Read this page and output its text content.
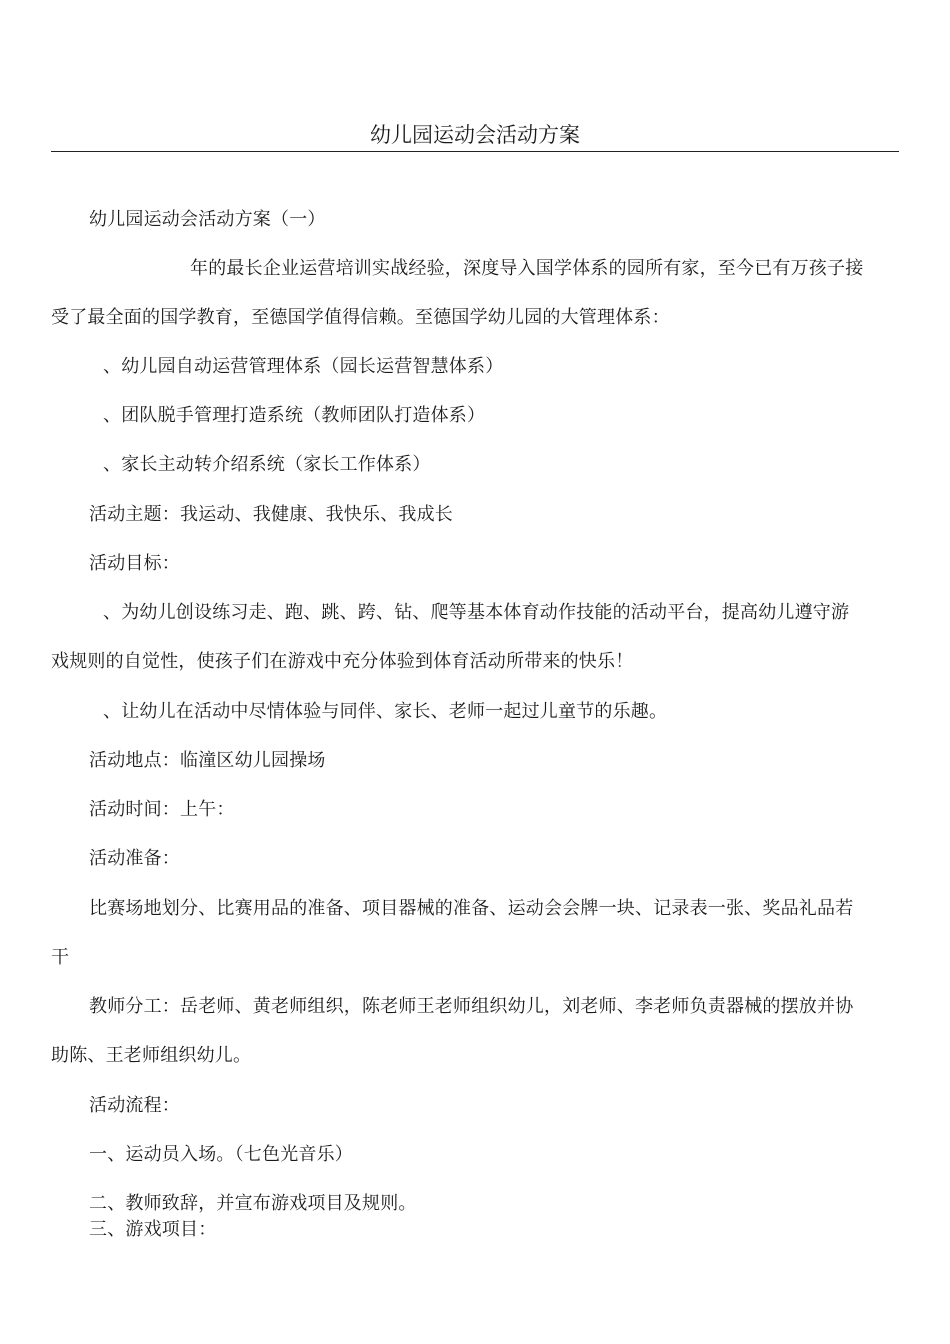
幼儿园运动会活动方案
幼儿园运动会活动方案（一）
年的最长企业运营培训实战经验，深度导入国学体系的园所有家，至今已有万孩子接
受了最全面的国学教育，至德国学值得信赖。至德国学幼儿园的大管理体系：
、幼儿园自动运营管理体系（园长运营智慧体系）
、团队脱手管理打造系统（教师团队打造体系）
、家长主动转介绍系统（家长工作体系）
活动主题：我运动、我健康、我快乐、我成长
活动目标：
、为幼儿创设练习走、跑、跳、跨、钻、爬等基本体育动作技能的活动平台，提高幼儿遵守游
戏规则的自觉性，使孩子们在游戏中充分体验到体育活动所带来的快乐！
、让幼儿在活动中尽情体验与同伴、家长、老师一起过儿童节的乐趣。
活动地点：临潼区幼儿园操场
活动时间：上午：
活动准备：
比赛场地划分、比赛用品的准备、项目器械的准备、运动会会牌一块、记录表一张、奖品礼品若
干
教师分工：岳老师、黄老师组织，陈老师王老师组织幼儿，刘老师、李老师负责器械的摆放并协
助陈、王老师组织幼儿。
活动流程：
一、运动员入场。（七色光音乐）
二、教师致辞，并宣布游戏项目及规则。
三、游戏项目：
